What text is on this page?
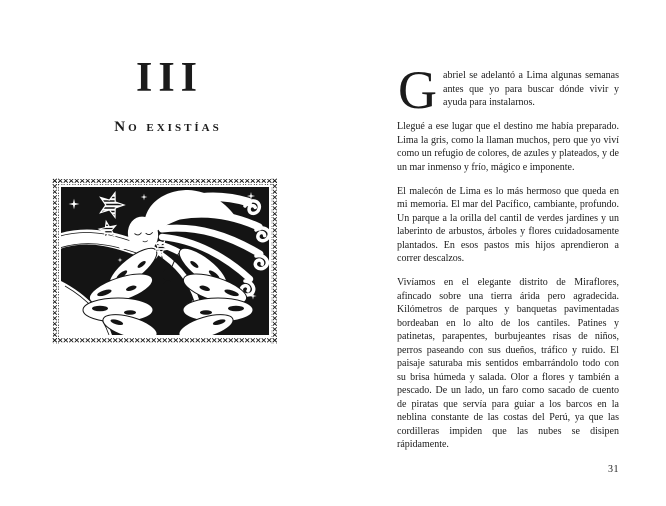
III
No existías

Gabriel se adelantó a Lima algunas semanas antes que yo para buscar dónde vivir y ayuda para instalarnos.

Llegué a ese lugar que el destino me había preparado. Lima la gris, como la llaman muchos, pero que yo viví como un refugio de colores, de azules y plateados, y de un mar inmenso y frío, mágico e imponente.

El malecón de Lima es lo más hermoso que queda en mi memoria. El mar del Pacífico, cambiante, profundo. Un parque a la orilla del cantil de verdes jardines y un laberinto de arbustos, árboles y flores cuidadosamente plantados. En esos pastos mis hijos aprendieron a correr descalzos.

Vivíamos en el elegante distrito de Miraflores, afincado sobre una tierra árida pero agradecida. Kilómetros de parques y banquetas pavimentadas bordeaban en lo alto de los cantiles. Patines y patinetas, parapentes, burbujeantes risas de niños, perros paseando con sus dueños, tráfico y ruido. El paisaje saturaba mis sentidos embarrándolo todo con su brisa húmeda y salada. Olor a flores y también a pescado. De un lado, un faro como sacado de cuento de piratas que servía para guiar a los barcos en la neblina constante de las costas del Perú, ya que las cordilleras impiden que las nubes se disipen rápidamente.

31
